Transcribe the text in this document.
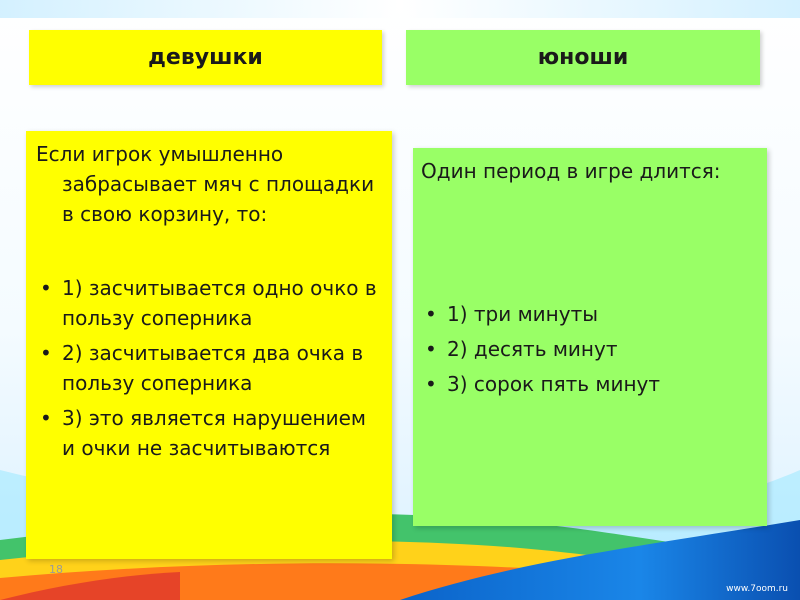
девушки	юноши

Если игрок умышленно забрасывает мяч с площадки в свою корзину, то:

• 1) засчитывается одно очко в пользу соперника
• 2) засчитывается два очка в пользу соперника
• 3) это является нарушением и очки не засчитываются

Один период в игре длится:

• 1) три минуты
• 2) десять минут
• 3) сорок пять минут
18
www.7oom.ru
